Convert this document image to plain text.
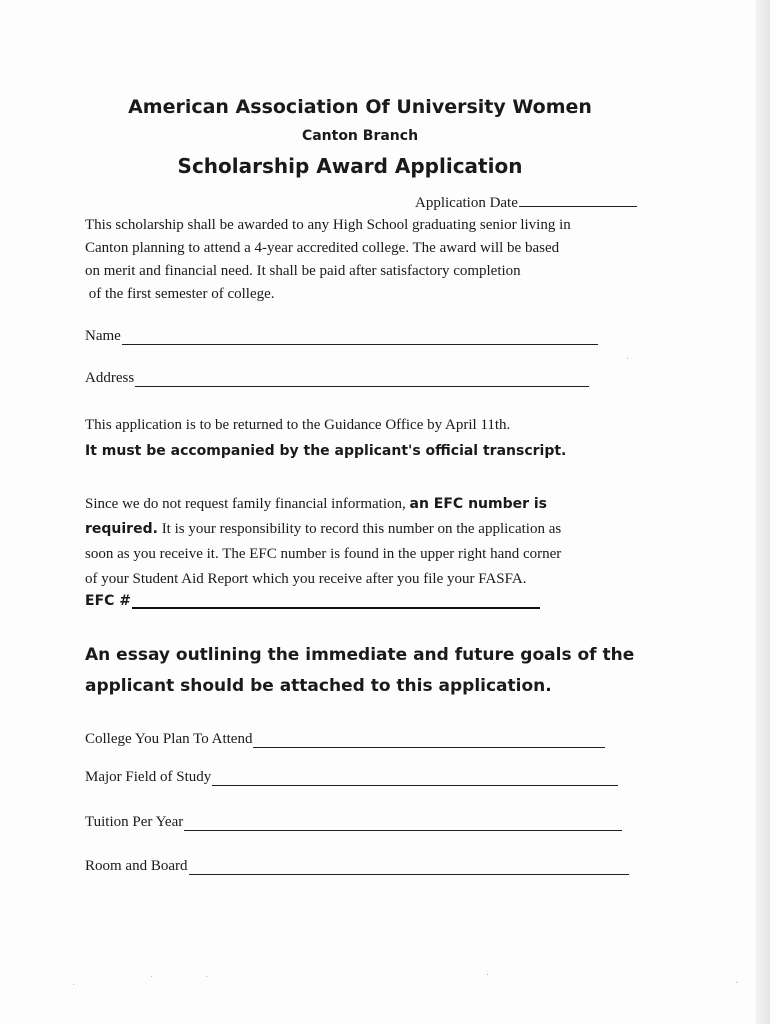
American Association Of University Women
Canton Branch
Scholarship Award Application
Application Date
This scholarship shall be awarded to any High School graduating senior living in
Canton planning to attend a 4-year accredited college. The award will be based
on merit and financial need. It shall be paid after satisfactory completion
of the first semester of college.
Name
Address
This application is to be returned to the Guidance Office by April 11th.
It must be accompanied by the applicant's official transcript.
Since we do not request family financial information, an EFC number is
required. It is your responsibility to record this number on the application as
soon as you receive it. The EFC number is found in the upper right hand corner
of your Student Aid Report which you receive after you file your FASFA.
EFC #
An essay outlining the immediate and future goals of the
applicant should be attached to this application.
College You Plan To Attend
Major Field of Study
Tuition Per Year
Room and Board
·
·	·	·
·
·
